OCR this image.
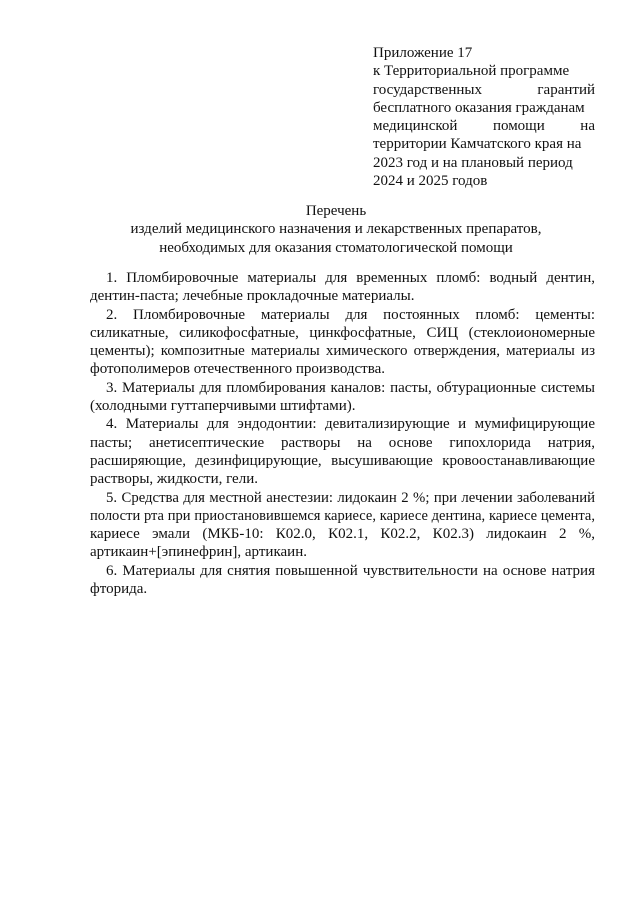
Приложение 17
к Территориальной программе
государственных гарантий
бесплатного оказания гражданам
медицинской помощи на
территории Камчатского края на
2023 год и на плановый период
2024 и 2025 годов
Перечень
изделий медицинского назначения и лекарственных препаратов,
необходимых для оказания стоматологической помощи
1. Пломбировочные материалы для временных пломб: водный дентин,
дентин-паста; лечебные прокладочные материалы.
2. Пломбировочные материалы для постоянных пломб: цементы:
силикатные, силикофосфатные, цинкфосфатные, СИЦ (стеклоиономерные
цементы); композитные материалы химического отверждения, материалы из
фотополимеров отечественного производства.
3. Материалы для пломбирования каналов: пасты, обтурационные системы
(холодными гуттаперчивыми штифтами).
4. Материалы для эндодонтии: девитализирующие и мумифицирующие
пасты; анетисептические растворы на основе гипохлорида натрия,
расширяющие, дезинфицирующие, высушивающие кровоостанавливающие
растворы, жидкости, гели.
5. Средства для местной анестезии: лидокаин 2 %; при лечении заболеваний
полости рта при приостановившемся кариесе, кариесе дентина, кариесе цемента,
кариесе эмали (МКБ-10: К02.0, К02.1, К02.2, К02.3) лидокаин 2 %,
артикаин+[эпинефрин], артикаин.
6. Материалы для снятия повышенной чувствительности на основе натрия
фторида.
